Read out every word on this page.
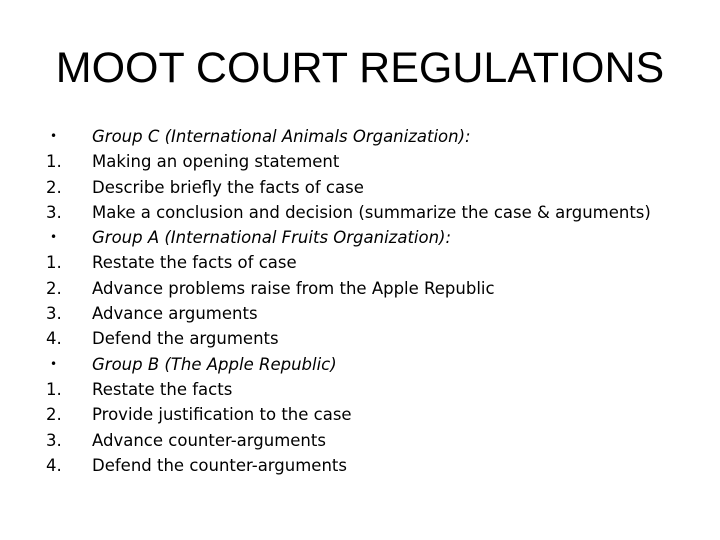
MOOT COURT REGULATIONS
•	Group C (International Animals Organization):
1.	Making an opening statement
2.	Describe briefly the facts of case
3.	Make a conclusion and decision (summarize the case & arguments)
•	Group A (International Fruits Organization):
1.	Restate the facts of case
2.	Advance problems raise from the Apple Republic
3.	Advance arguments
4.	Defend the arguments
•	Group B (The Apple Republic)
1.	Restate the facts
2.	Provide justification to the case
3.	Advance counter-arguments
4.	Defend the counter-arguments
